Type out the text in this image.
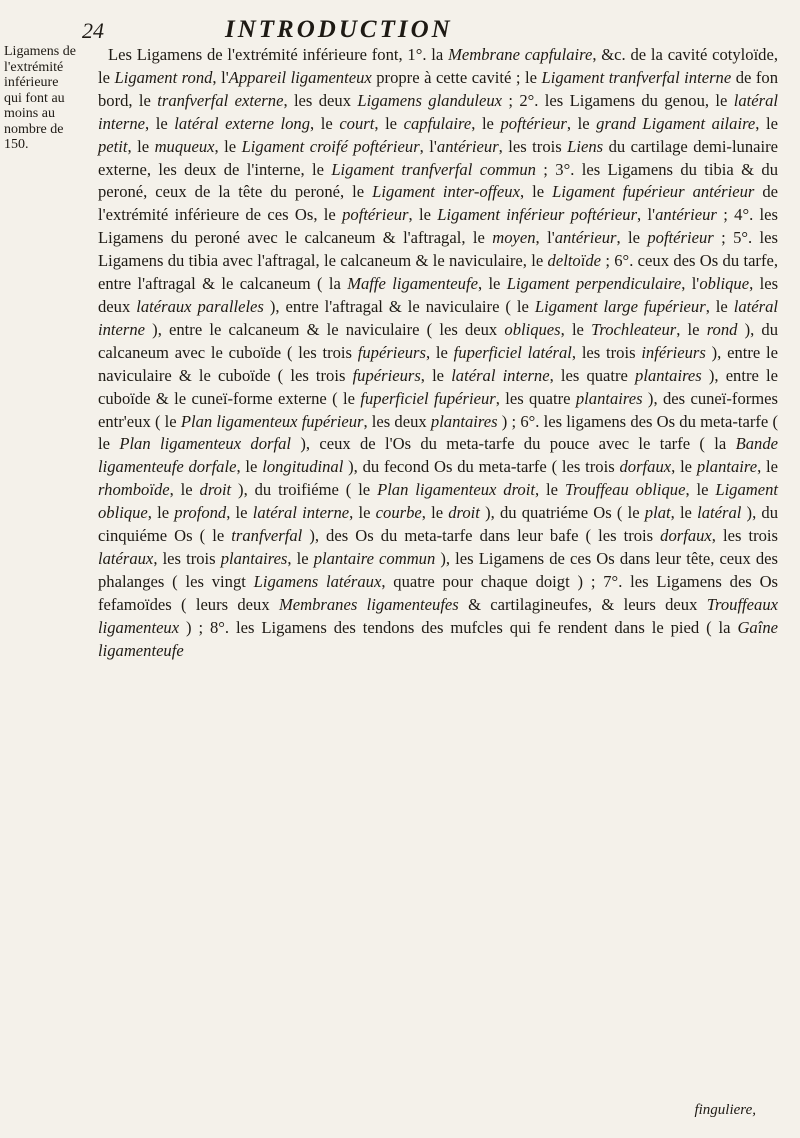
24	INTRODUCTION
Ligamens de l'extrémité inférieure qui font au moins au nombre de 150.

Les Ligamens de l'extrémité inférieure font, 1°. la Membrane capfulaire, &c. de la cavité cotyloïde, le Ligament rond, l'Appareil ligamenteux propre à cette cavité ; le Ligament tranfverfal interne de fon bord, le tranfverfal externe, les deux Ligamens glanduleux ; 2°. les Ligamens du genou, le latéral interne, le latéral externe long, le court, le capfulaire, le poftérieur, le grand Ligament ailaire, le petit, le muqueux, le Ligament croifé poftérieur, l'antérieur, les trois Liens du cartilage demi-lunaire externe, les deux de l'interne, le Ligament tranfverfal commun ; 3°. les Ligamens du tibia & du peroné, ceux de la tête du peroné, le Ligament inter-offeux, le Ligament fupérieur antérieur de l'extrémité inférieure de ces Os, le poftérieur, le Ligament inférieur poftérieur, l'antérieur ; 4°. les Ligamens du peroné avec le calcaneum & l'aftragal, le moyen, l'antérieur, le poftérieur ; 5°. les Ligamens du tibia avec l'aftragal, le calcaneum & le naviculaire, le deltoïde ; 6°. ceux des Os du tarfe, entre l'aftragal & le calcaneum ( la Maffe ligamenteufe, le Ligament perpendiculaire, l'oblique, les deux latéraux paralleles ), entre l'aftragal & le naviculaire ( le Ligament large fupérieur, le latéral interne ), entre le calcaneum & le naviculaire ( les deux obliques, le Trochleateur, le rond ), du calcaneum avec le cuboïde ( les trois fupérieurs, le fuperficiel latéral, les trois inférieurs ), entre le naviculaire & le cuboïde ( les trois fupérieurs, le latéral interne, les quatre plantaires ), entre le cuboïde & le cuneï-forme externe ( le fuperficiel fupérieur, les quatre plantaires ), des cuneï-formes entr'eux ( le Plan ligamenteux fupérieur, les deux plantaires ) ; 6°. les ligamens des Os du meta-tarfe ( le Plan ligamenteux dorfal ), ceux de l'Os du meta-tarfe du pouce avec le tarfe ( la Bande ligamenteufe dorfale, le longitudinal ), du fecond Os du meta-tarfe ( les trois dorfaux, le plantaire, le rhomboïde, le droit ), du troifiéme ( le Plan ligamenteux droit, le Trouffeau oblique, le Ligament oblique, le profond, le latéral interne, le courbe, le droit ), du quatriéme Os ( le plat, le latéral ), du cinquiéme Os ( le tranfverfal ), des Os du meta-tarfe dans leur bafe ( les trois dorfaux, les trois latéraux, les trois plantaires, le plantaire commun ), les Ligamens de ces Os dans leur tête, ceux des phalanges ( les vingt Ligamens latéraux, quatre pour chaque doigt ) ; 7°. les Ligamens des Os fefamoïdes ( leurs deux Membranes ligamenteufes & cartilagineufes, & leurs deux Trouffeaux ligamenteux ) ; 8°. les Ligamens des tendons des mufcles qui fe rendent dans le pied ( la Gaîne ligamenteufe

finguliere,
